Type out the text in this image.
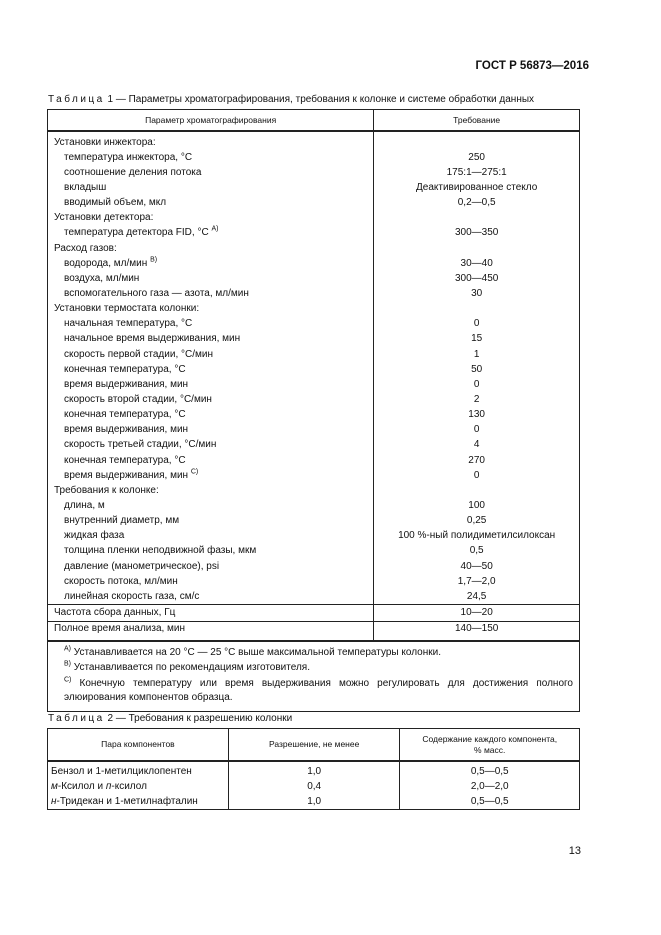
ГОСТ Р 56873—2016
Таблица 1 — Параметры хроматографирования, требования к колонке и системе обработки данных
Параметр хроматографирования	Требование
Установки инжектора:	
температура инжектора, °С	250
соотношение деления потока	175:1—275:1
вкладыш	Деактивированное стекло
вводимый объем, мкл	0,2—0,5
Установки детектора:	
температура детектора FID, °С $^{A)}$	300—350
Расход газов:	
водорода, мл/мин $^{B)}$	30—40
воздуха, мл/мин	300—450
вспомогательного газа — азота, мл/мин	30
Установки термостата колонки:	
начальная температура, °С	0
начальное время выдерживания, мин	15
скорость первой стадии, °С/мин	1
конечная температура, °С	50
время выдерживания, мин	0
скорость второй стадии, °С/мин	2
конечная температура, °С	130
время выдерживания, мин	0
скорость третьей стадии, °С/мин	4
конечная температура, °С	270
время выдерживания, мин $^{C)}$	0
Требования к колонке:	
длина, м	100
внутренний диаметр, мм	0,25
жидкая фаза	100 %-ный полидиметилсилоксан
толщина пленки неподвижной фазы, мкм	0,5
давление (манометрическое), psi	40—50
скорость потока, мл/мин	1,7—2,0
линейная скорость газа, см/с	24,5
Частота сбора данных, Гц	10—20
Полное время анализа, мин	140—150

$^{A)}$ Устанавливается на 20 °С — 25 °С выше максимальной температуры колонки.
$^{B)}$ Устанавливается по рекомендациям изготовителя.
$^{C)}$ Конечную температуру или время выдерживания можно регулировать для достижения полного элюирования компонентов образца.	
Таблица 2 — Требования к разрешению колонки
Пара компонентов	Разрешение, не менее	Содержание каждого компонента,
% масс.
Бензол и 1-метилциклопентен	1,0	0,5—0,5
м-Ксилол и п-ксилол	0,4	2,0—2,0
н-Тридекан и 1-метилнафталин	1,0	0,5—0,5
13
